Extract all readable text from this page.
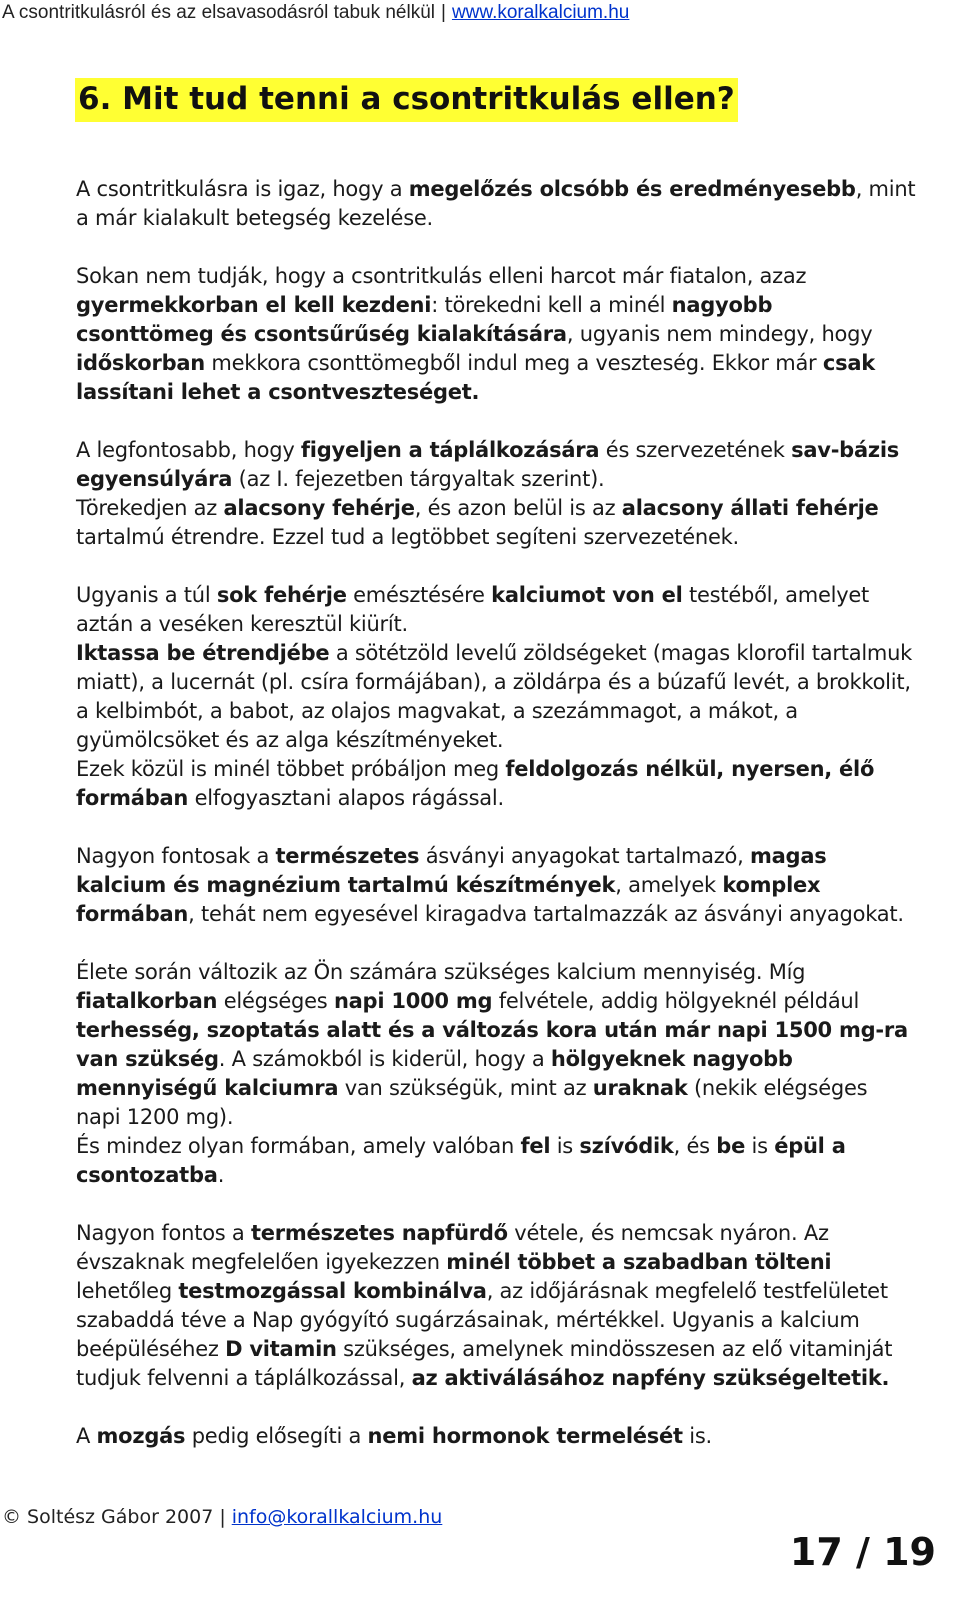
A csontritkulásról és az elsavasodásról tabuk nélkül | www.koralkalcium.hu
6. Mit tud tenni a csontritkulás ellen?

A csontritkulásra is igaz, hogy a megelőzés olcsóbb és eredményesebb, mint a már kialakult betegség kezelése.

Sokan nem tudják, hogy a csontritkulás elleni harcot már fiatalon, azaz gyermekkorban el kell kezdeni: törekedni kell a minél nagyobb csonttömeg és csontsűrűség kialakítására, ugyanis nem mindegy, hogy időskorban mekkora csonttömegből indul meg a veszteség. Ekkor már csak lassítani lehet a csontveszteséget.

A legfontosabb, hogy figyeljen a táplálkozására és szervezetének sav-bázis egyensúlyára (az I. fejezetben tárgyaltak szerint).

Törekedjen az alacsony fehérje, és azon belül is az alacsony állati fehérje tartalmú étrendre. Ezzel tud a legtöbbet segíteni szervezetének.

Ugyanis a túl sok fehérje emésztésére kalciumot von el testéből, amelyet aztán a veséken keresztül kiürít.

Iktassa be étrendjébe a sötétzöld levelű zöldségeket (magas klorofil tartalmuk miatt), a lucernát (pl. csíra formájában), a zöldárpa és a búzafű levét, a brokkolit, a kelbimbót, a babot, az olajos magvakat, a szezámmagot, a mákot, a gyümölcsöket és az alga készítményeket.

Ezek közül is minél többet próbáljon meg feldolgozás nélkül, nyersen, élő formában elfogyasztani alapos rágással.

Nagyon fontosak a természetes ásványi anyagokat tartalmazó, magas kalcium és magnézium tartalmú készítmények, amelyek komplex formában, tehát nem egyesével kiragadva tartalmazzák az ásványi anyagokat.

Élete során változik az Ön számára szükséges kalcium mennyiség. Míg fiatalkorban elégséges napi 1000 mg felvétele, addig hölgyeknél például terhesség, szoptatás alatt és a változás kora után már napi 1500 mg-ra van szükség. A számokból is kiderül, hogy a hölgyeknek nagyobb mennyiségű kalciumra van szükségük, mint az uraknak (nekik elégséges napi 1200 mg).

És mindez olyan formában, amely valóban fel is szívódik, és be is épül a csontozatba.

Nagyon fontos a természetes napfürdő vétele, és nemcsak nyáron. Az évszaknak megfelelően igyekezzen minél többet a szabadban tölteni lehetőleg testmozgással kombinálva, az időjárásnak megfelelő testfelületet szabaddá téve a Nap gyógyító sugárzásainak, mértékkel. Ugyanis a kalcium beépüléséhez D vitamin szükséges, amelynek mindösszesen az elő vitaminját tudjuk felvenni a táplálkozással, az aktiválásához napfény szükségeltetik.

A mozgás pedig elősegíti a nemi hormonok termelését is.

© Soltész Gábor 2007 | info@korallkalcium.hu
17 / 19
